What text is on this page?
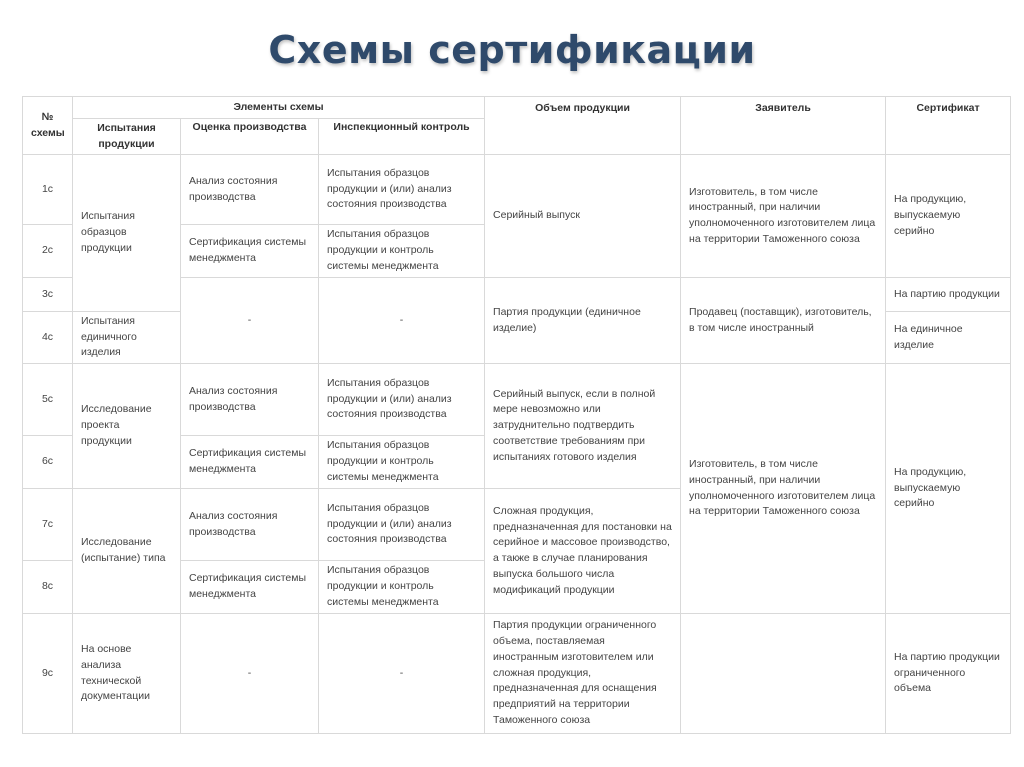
Схемы сертификации
№ схемы	Элементы схемы			Объем продукции	Заявитель	Сертификат
	Испытания продукции	Оценка производства	Инспекционный контроль			
1с	Испытания образцов продукции	Анализ состояния производства	Испытания образцов продукции и (или) анализ состояния производства	Серийный выпуск	Изготовитель, в том числе иностранный, при наличии уполномоченного изготовителем лица на территории Таможенного союза	На продукцию, выпускаемую серийно
2с		Сертификация системы менеджмента	Испытания образцов продукции и контроль системы менеджмента			
3с		-	-	Партия продукции (единичное изделие)	Продавец (поставщик), изготовитель, в том числе иностранный	На партию продукции
4с	Испытания единичного изделия					На единичное изделие
5с	Исследование проекта продукции	Анализ состояния производства	Испытания образцов продукции и (или) анализ состояния производства	Серийный выпуск, если в полной мере невозможно или затруднительно подтвердить соответствие требованиям при испытаниях готового изделия	Изготовитель, в том числе иностранный, при наличии уполномоченного изготовителем лица на территории Таможенного союза	На продукцию, выпускаемую серийно
6с		Сертификация системы менеджмента	Испытания образцов продукции и контроль системы менеджмента			
7с	Исследование (испытание) типа	Анализ состояния производства	Испытания образцов продукции и (или) анализ состояния производства	Сложная продукция, предназначенная для постановки на серийное и массовое производство, а также в случае планирования выпуска большого числа модификаций продукции		
8с		Сертификация системы менеджмента	Испытания образцов продукции и контроль системы менеджмента			
9с	На основе анализа технической документации	-	-	Партия продукции ограниченного объема, поставляемая иностранным изготовителем или сложная продукция, предназначенная для оснащения предприятий на территории Таможенного союза		На партию продукции ограниченного объема
